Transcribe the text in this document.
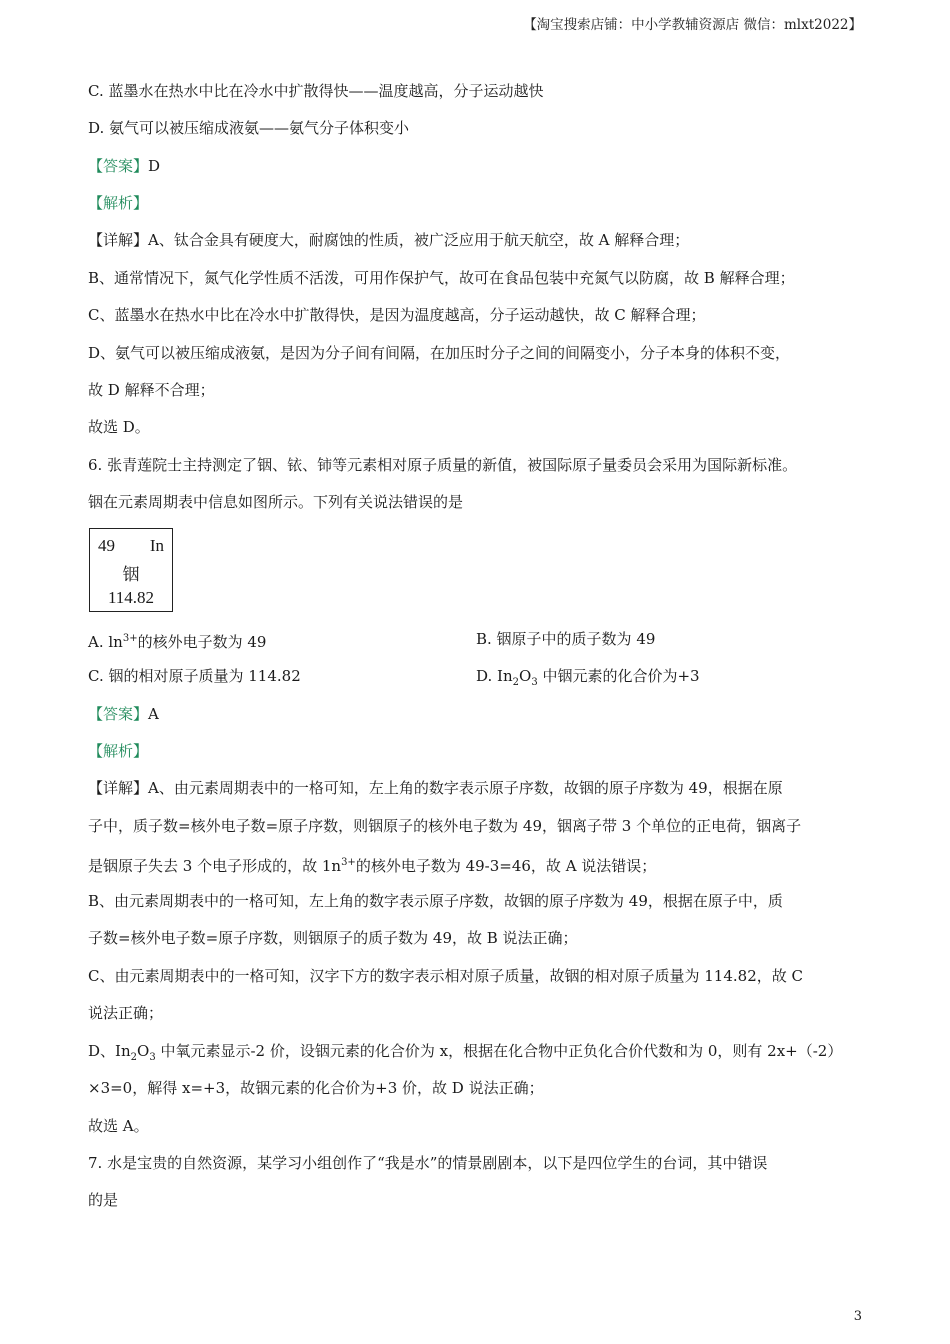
【淘宝搜索店铺：中小学教辅资源店 微信：mlxt2022】
C. 蓝墨水在热水中比在冷水中扩散得快——温度越高，分子运动越快
D. 氨气可以被压缩成液氨——氨气分子体积变小
【答案】D
【解析】
【详解】A、钛合金具有硬度大，耐腐蚀的性质，被广泛应用于航天航空，故 A 解释合理；
B、通常情况下，氮气化学性质不活泼，可用作保护气，故可在食品包装中充氮气以防腐，故 B 解释合理；
C、蓝墨水在热水中比在冷水中扩散得快，是因为温度越高，分子运动越快，故 C 解释合理；
D、氨气可以被压缩成液氨，是因为分子间有间隔，在加压时分子之间的间隔变小，分子本身的体积不变，
故 D 解释不合理；
故选 D。
6. 张青莲院士主持测定了铟、铱、铈等元素相对原子质量的新值，被国际原子量委员会采用为国际新标准。
铟在元素周期表中信息如图所示。下列有关说法错误的是
49 In
铟
114.82
A. $\ln^{3+}$的核外电子数为 49	B. 铟原子中的质子数为 49
C. 铟的相对原子质量为 114.82	D. $In_2O_3$ 中铟元素的化合价为+3
【答案】A
【解析】
【详解】A、由元素周期表中的一格可知，左上角的数字表示原子序数，故铟的原子序数为 49，根据在原
子中，质子数=核外电子数=原子序数，则铟原子的核外电子数为 49，铟离子带 3 个单位的正电荷，铟离子
是铟原子失去 3 个电子形成的，故 $1n^{3+}$的核外电子数为 49-3=46，故 A 说法错误；
B、由元素周期表中的一格可知，左上角的数字表示原子序数，故铟的原子序数为 49，根据在原子中，质
子数=核外电子数=原子序数，则铟原子的质子数为 49，故 B 说法正确；
C、由元素周期表中的一格可知，汉字下方的数字表示相对原子质量，故铟的相对原子质量为 114.82，故 C
说法正确；
D、$In_2O_3$ 中氧元素显示-2 价，设铟元素的化合价为 x，根据在化合物中正负化合价代数和为 0，则有 2x+（-2）
×3=0，解得 x=+3，故铟元素的化合价为+3 价，故 D 说法正确；
故选 A。
7. 水是宝贵的自然资源，某学习小组创作了“我是水”的情景剧剧本，以下是四位学生的台词，其中错误
的是
3
